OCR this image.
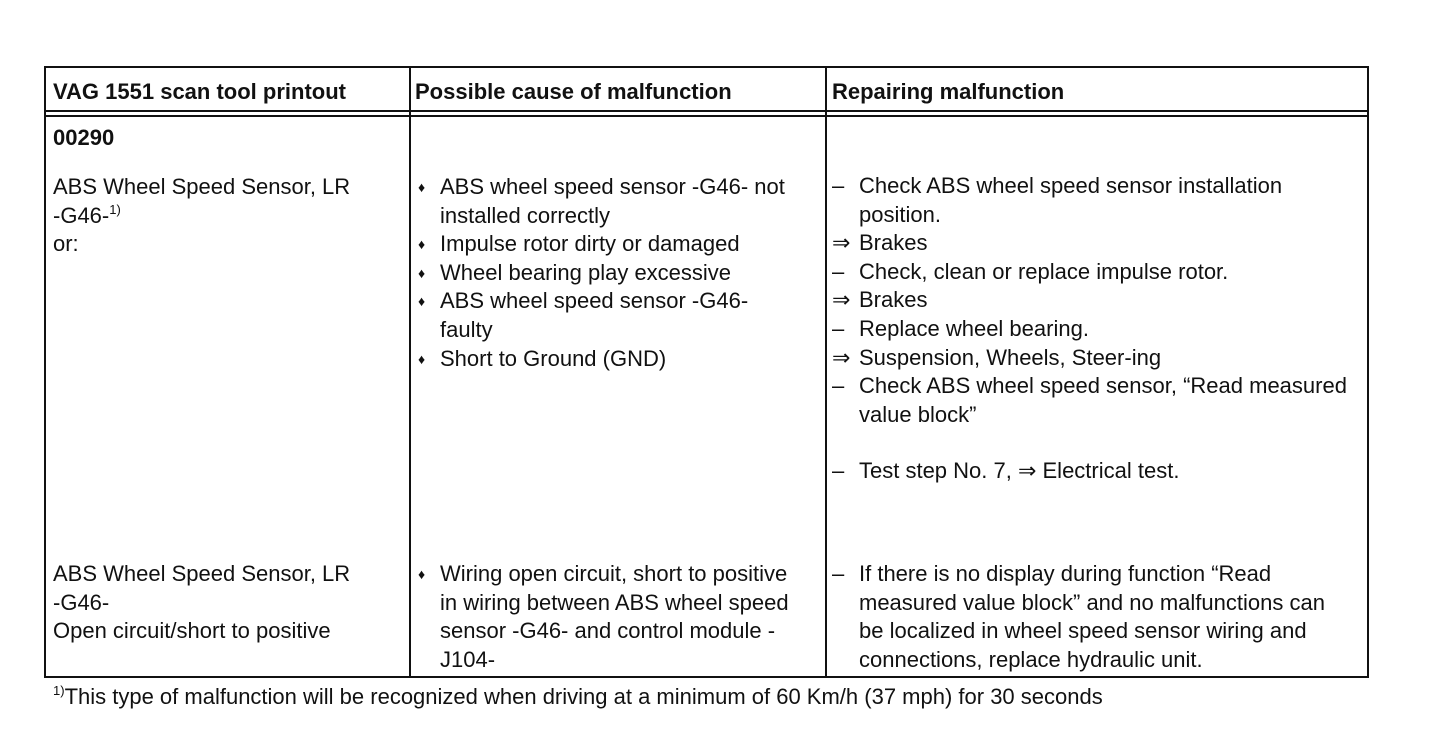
VAG 1551 scan tool printout	Possible cause of malfunction	Repairing malfunction
00290
ABS Wheel Speed Sensor, LR
-G46-$^{1)}$
or:
♦ ABS wheel speed sensor -G46- not installed correctly
♦ Impulse rotor dirty or damaged
♦ Wheel bearing play excessive
♦ ABS wheel speed sensor -G46- faulty
♦ Short to Ground (GND)
– Check ABS wheel speed sensor installation position.
⇒ Brakes
– Check, clean or replace impulse rotor.
⇒ Brakes
– Replace wheel bearing.
⇒ Suspension, Wheels, Steer-ing
– Check ABS wheel speed sensor, “Read measured value block”
– Test step No. 7, ⇒ Electrical test.
ABS Wheel Speed Sensor, LR
-G46-
Open circuit/short to positive
♦ Wiring open circuit, short to positive in wiring between ABS wheel speed sensor -G46- and control module -J104-
– If there is no display during function “Read measured value block” and no malfunctions can be localized in wheel speed sensor wiring and connections, replace hydraulic unit.
$^{1)}$This type of malfunction will be recognized when driving at a minimum of 60 Km/h (37 mph) for 30 seconds
